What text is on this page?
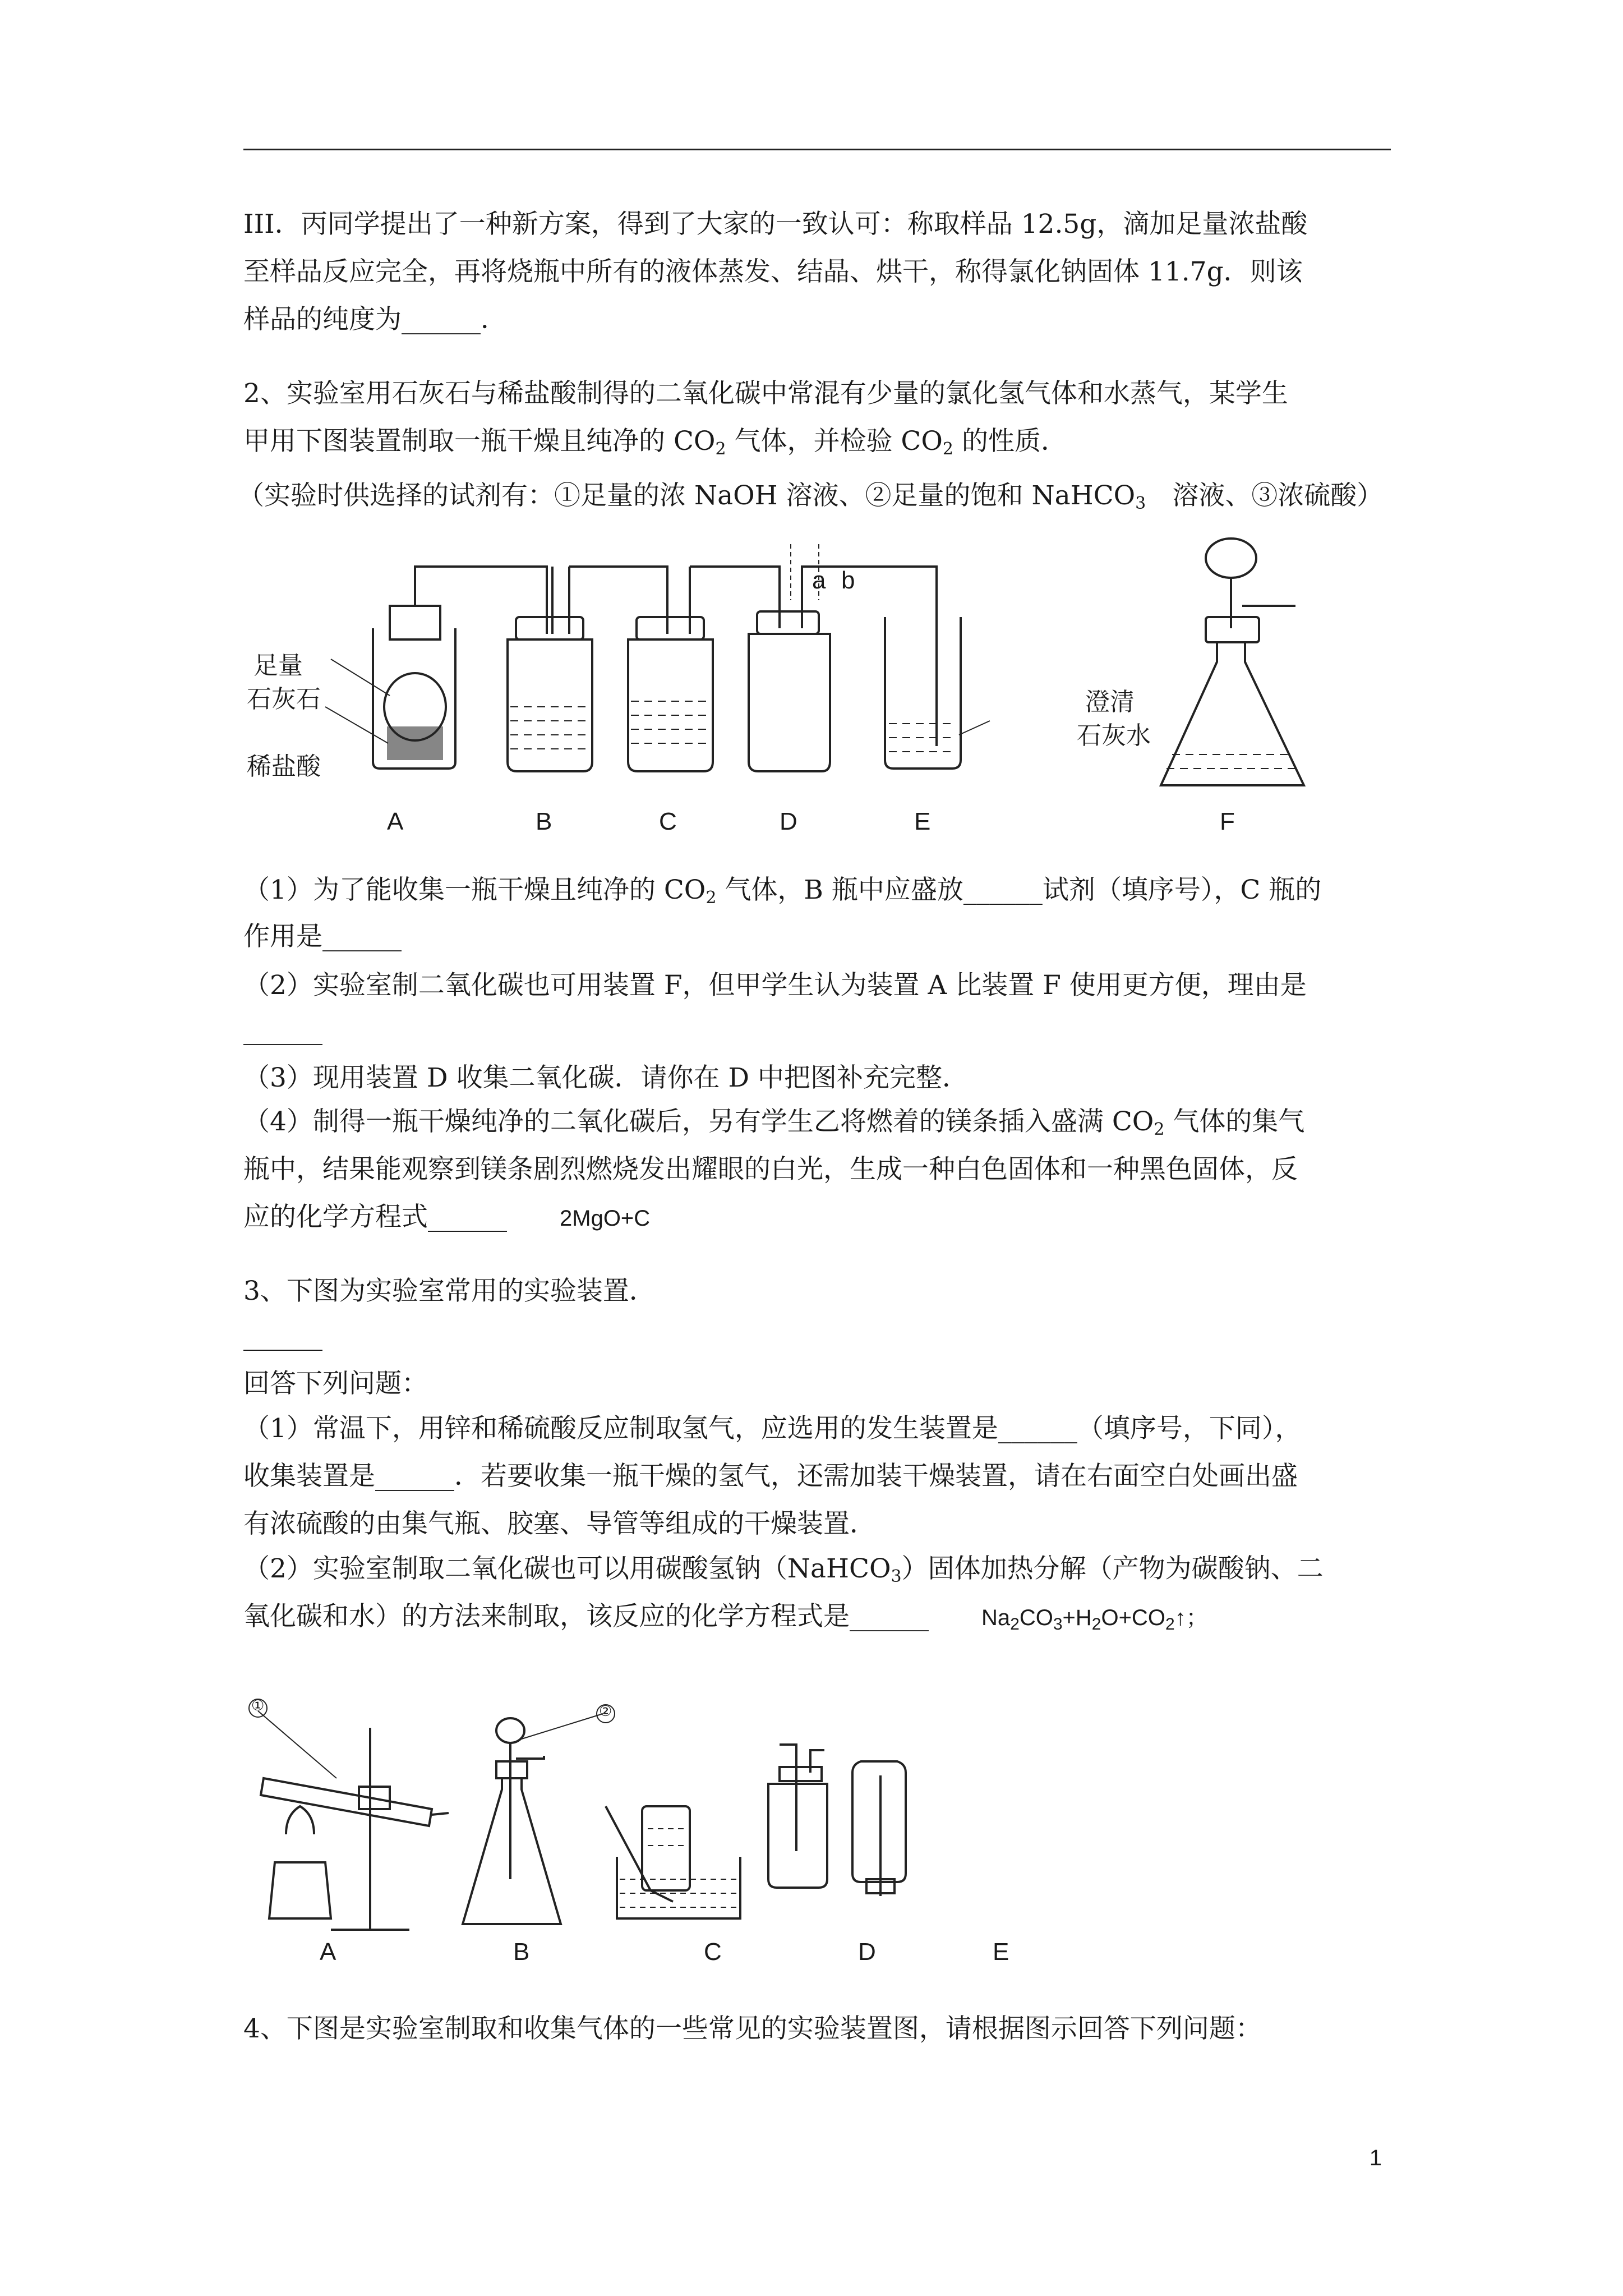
III．丙同学提出了一种新方案，得到了大家的一致认可：称取样品 12.5g，滴加足量浓盐酸
至样品反应完全，再将烧瓶中所有的液体蒸发、结晶、烘干，称得氯化钠固体 11.7g．则该
样品的纯度为______．
2、实验室用石灰石与稀盐酸制得的二氧化碳中常混有少量的氯化氢气体和水蒸气，某学生
甲用下图装置制取一瓶干燥且纯净的 $CO_2$ 气体，并检验 $CO_2$ 的性质．
（实验时供选择的试剂有：①足量的浓 NaOH 溶液、②足量的饱和 NaHCO$_3$　溶液、③浓硫酸）
足量
石灰石
稀盐酸
澄清
石灰水
a b
A	B	C	D	E	F
（1）为了能收集一瓶干燥且纯净的 $CO_2$ 气体，B 瓶中应盛放______试剂（填序号），C 瓶的
作用是______
（2）实验室制二氧化碳也可用装置 F，但甲学生认为装置 A 比装置 F 使用更方便，理由是
______
（3）现用装置 D 收集二氧化碳．请你在 D 中把图补充完整．
（4）制得一瓶干燥纯净的二氧化碳后，另有学生乙将燃着的镁条插入盛满 $CO_2$ 气体的集气
瓶中，结果能观察到镁条剧烈燃烧发出耀眼的白光，生成一种白色固体和一种黑色固体，反
应的化学方程式______　　 2MgO+C
3、下图为实验室常用的实验装置．
______
回答下列问题：
（1）常温下，用锌和稀硫酸反应制取氢气，应选用的发生装置是______（填序号，下同），
收集装置是______．若要收集一瓶干燥的氢气，还需加装干燥装置，请在右面空白处画出盛
有浓硫酸的由集气瓶、胶塞、导管等组成的干燥装置．
（2）实验室制取二氧化碳也可以用碳酸氢钠（NaHCO$_3$）固体加热分解（产物为碳酸钠、二
氧化碳和水）的方法来制取，该反应的化学方程式是______　　 $Na_2CO_3+H_2O+CO_2↑$；
①	②
A	B	C	D	E
4、下图是实验室制取和收集气体的一些常见的实验装置图，请根据图示回答下列问题：
1
